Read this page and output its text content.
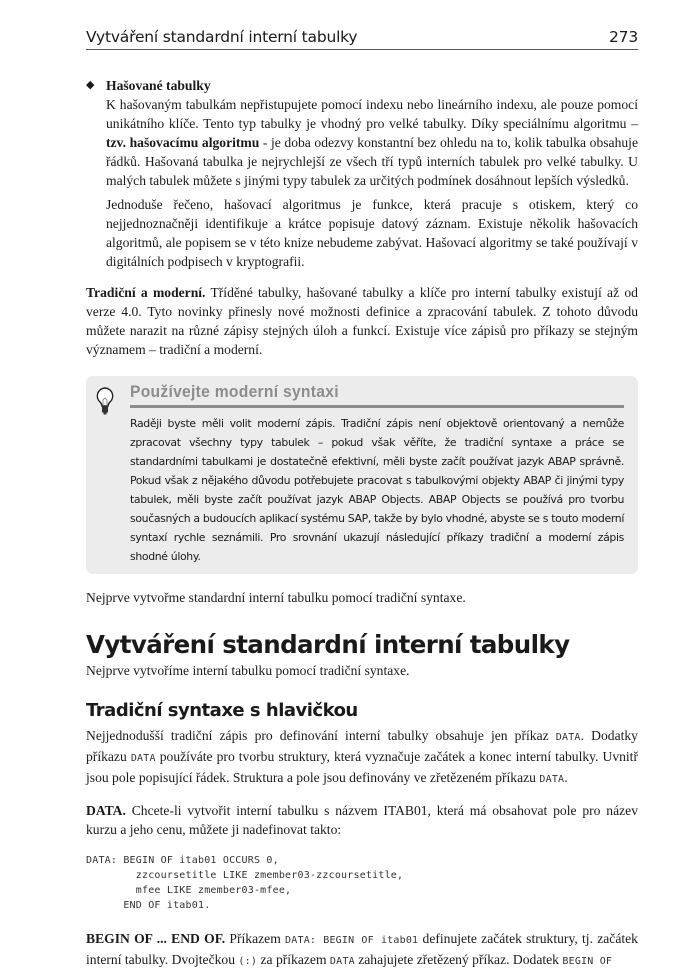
Vytváření standardní interní tabulky	273
◆ Hašované tabulky

K hašovaným tabulkám nepřistupujete pomocí indexu nebo lineárního indexu, ale pouze pomocí unikátního klíče. Tento typ tabulky je vhodný pro velké tabulky. Díky speciálnímu algoritmu – tzv. hašovacímu algoritmu - je doba odezvy konstantní bez ohledu na to, kolik tabulka obsahuje řádků. Hašovaná tabulka je nejrychlejší ze všech tří typů interních tabulek pro velké tabulky. U malých tabulek můžete s jinými typy tabulek za určitých podmínek dosáhnout lepších výsledků.

Jednoduše řečeno, hašovací algoritmus je funkce, která pracuje s otiskem, který co nejjednoznačněji identifikuje a krátce popisuje datový záznam. Existuje několik hašovacích algoritmů, ale popisem se v této knize nebudeme zabývat. Hašovací algoritmy se také používají v digitálních podpisech v kryptografii.

Tradiční a moderní. Tříděné tabulky, hašované tabulky a klíče pro interní tabulky existují až od verze 4.0. Tyto novinky přinesly nové možnosti definice a zpracování tabulek. Z tohoto důvodu můžete narazit na různé zápisy stejných úloh a funkcí. Existuje více zápisů pro příkazy se stejným významem – tradiční a moderní.

Používejte moderní syntaxi

Raději byste měli volit moderní zápis. Tradiční zápis není objektově orientovaný a nemůže zpracovat všechny typy tabulek – pokud však věříte, že tradiční syntaxe a práce se standardními tabulkami je dostatečně efektivní, měli byste začít používat jazyk ABAP správně. Pokud však z nějakého důvodu potřebujete pracovat s tabulkovými objekty ABAP či jinými typy tabulek, měli byste začít používat jazyk ABAP Objects. ABAP Objects se používá pro tvorbu současných a budoucích aplikací systému SAP, takže by bylo vhodné, abyste se s touto moderní syntaxí rychle seznámili. Pro srovnání ukazují následující příkazy tradiční a moderní zápis shodné úlohy.

Nejprve vytvořme standardní interní tabulku pomocí tradiční syntaxe.

Vytváření standardní interní tabulky

Nejprve vytvoříme interní tabulku pomocí tradiční syntaxe.

Tradiční syntaxe s hlavičkou

Nejjednodušší tradiční zápis pro definování interní tabulky obsahuje jen příkaz DATA. Dodatky příkazu DATA používáte pro tvorbu struktury, která vyznačuje začátek a konec interní tabulky. Uvnitř jsou pole popisující řádek. Struktura a pole jsou definovány ve zřetězeném příkazu DATA.

DATA. Chcete-li vytvořit interní tabulku s názvem ITAB01, která má obsahovat pole pro název kurzu a jeho cenu, můžete ji nadefinovat takto:

DATA: BEGIN OF itab01 OCCURS 0,
zzcoursetitle LIKE zmember03-zzcoursetitle,
mfee LIKE zmember03-mfee,
END OF itab01.

BEGIN OF ... END OF. Příkazem DATA: BEGIN OF itab01 definujete začátek struktury, tj. začátek interní tabulky. Dvojtečkou (:) za příkazem DATA zahajujete zřetězený příkaz. Dodatek BEGIN OF
